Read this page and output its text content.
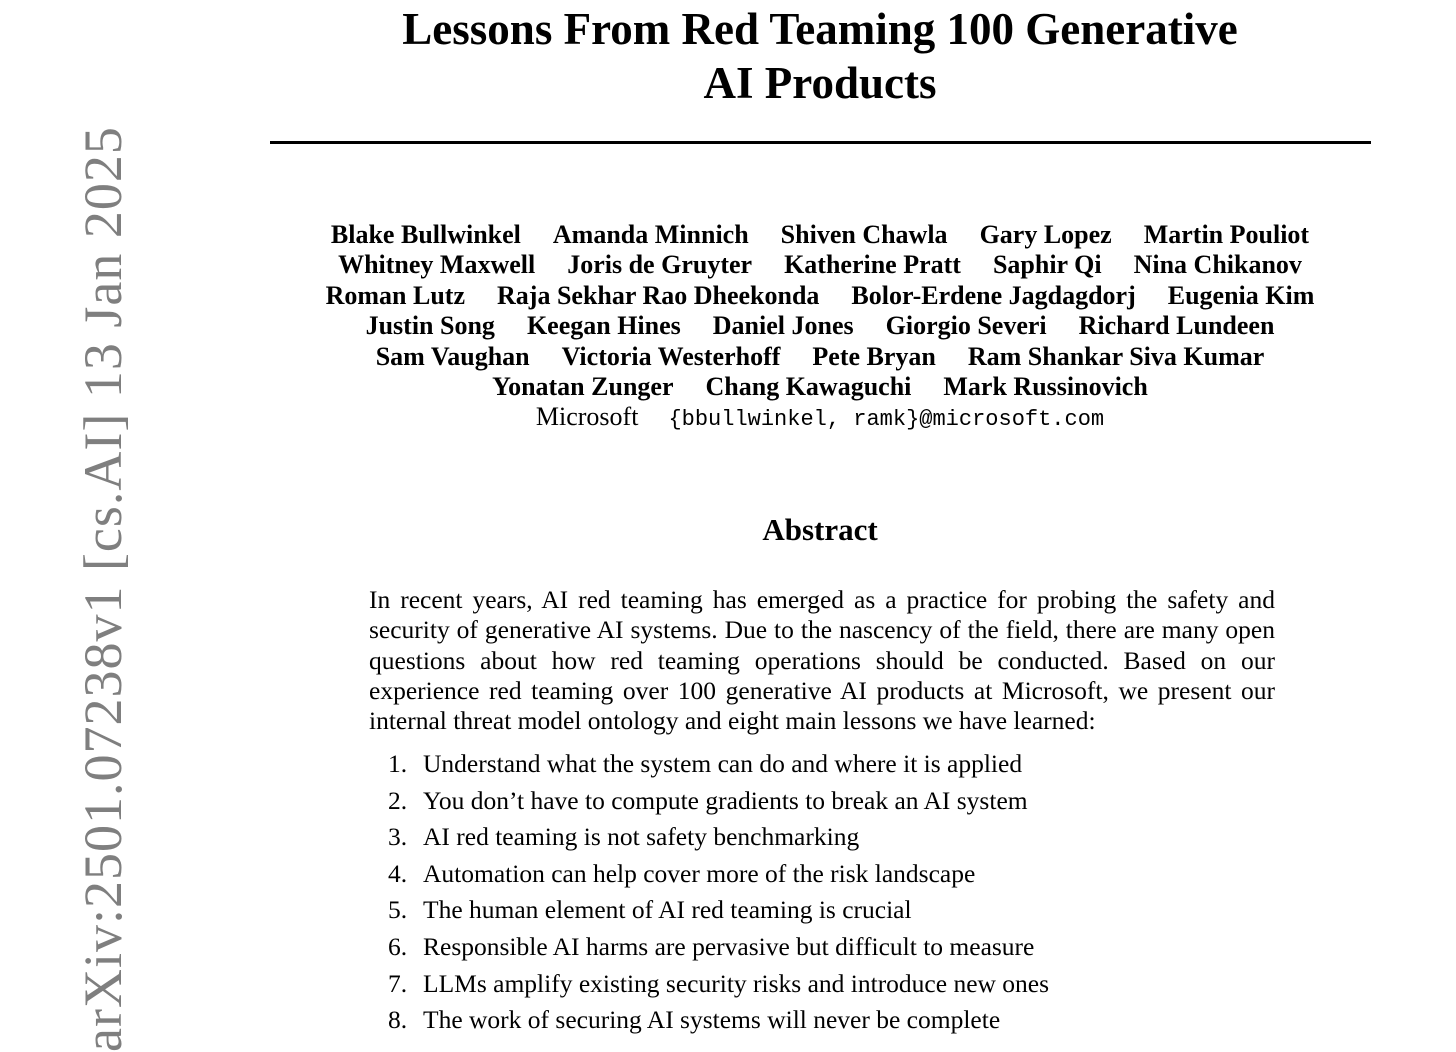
arXiv:2501.07238v1 [cs.AI] 13 Jan 2025
Lessons From Red Teaming 100 Generative
AI Products
Blake Bullwinkel Amanda Minnich Shiven Chawla Gary Lopez Martin Pouliot
Whitney Maxwell Joris de Gruyter Katherine Pratt Saphir Qi Nina Chikanov
Roman Lutz Raja Sekhar Rao Dheekonda Bolor-Erdene Jagdagdorj Eugenia Kim
Justin Song Keegan Hines Daniel Jones Giorgio Severi Richard Lundeen
Sam Vaughan Victoria Westerhoff Pete Bryan Ram Shankar Siva Kumar
Yonatan Zunger Chang Kawaguchi Mark Russinovich
Microsoft {bbullwinkel, ramk}@microsoft.com
Abstract
In recent years, AI red teaming has emerged as a practice for probing the safety and security of generative AI systems. Due to the nascency of the field, there are many open questions about how red teaming operations should be conducted. Based on our experience red teaming over 100 generative AI products at Microsoft, we present our internal threat model ontology and eight main lessons we have learned:
1. Understand what the system can do and where it is applied
2. You don’t have to compute gradients to break an AI system
3. AI red teaming is not safety benchmarking
4. Automation can help cover more of the risk landscape
5. The human element of AI red teaming is crucial
6. Responsible AI harms are pervasive but difficult to measure
7. LLMs amplify existing security risks and introduce new ones
8. The work of securing AI systems will never be complete
